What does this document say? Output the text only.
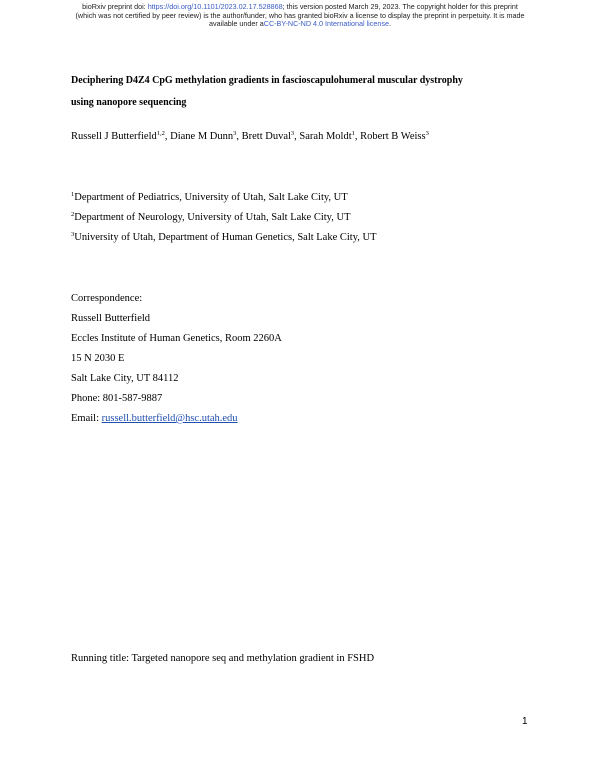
bioRxiv preprint doi: https://doi.org/10.1101/2023.02.17.528868; this version posted March 29, 2023. The copyright holder for this preprint
(which was not certified by peer review) is the author/funder, who has granted bioRxiv a license to display the preprint in perpetuity. It is made
available under aCC-BY-NC-ND 4.0 International license.
Deciphering D4Z4 CpG methylation gradients in fascioscapulohumeral muscular dystrophy
using nanopore sequencing
Russell J Butterfield$^{1,2}$, Diane M Dunn$^3$, Brett Duval$^3$, Sarah Moldt$^1$, Robert B Weiss$^3$
$^1$Department of Pediatrics, University of Utah, Salt Lake City, UT
$^2$Department of Neurology, University of Utah, Salt Lake City, UT
$^3$University of Utah, Department of Human Genetics, Salt Lake City, UT
Correspondence:
Russell Butterfield
Eccles Institute of Human Genetics, Room 2260A
15 N 2030 E
Salt Lake City, UT 84112
Phone: 801-587-9887
Email: russell.butterfield@hsc.utah.edu
Running title: Targeted nanopore seq and methylation gradient in FSHD
1
